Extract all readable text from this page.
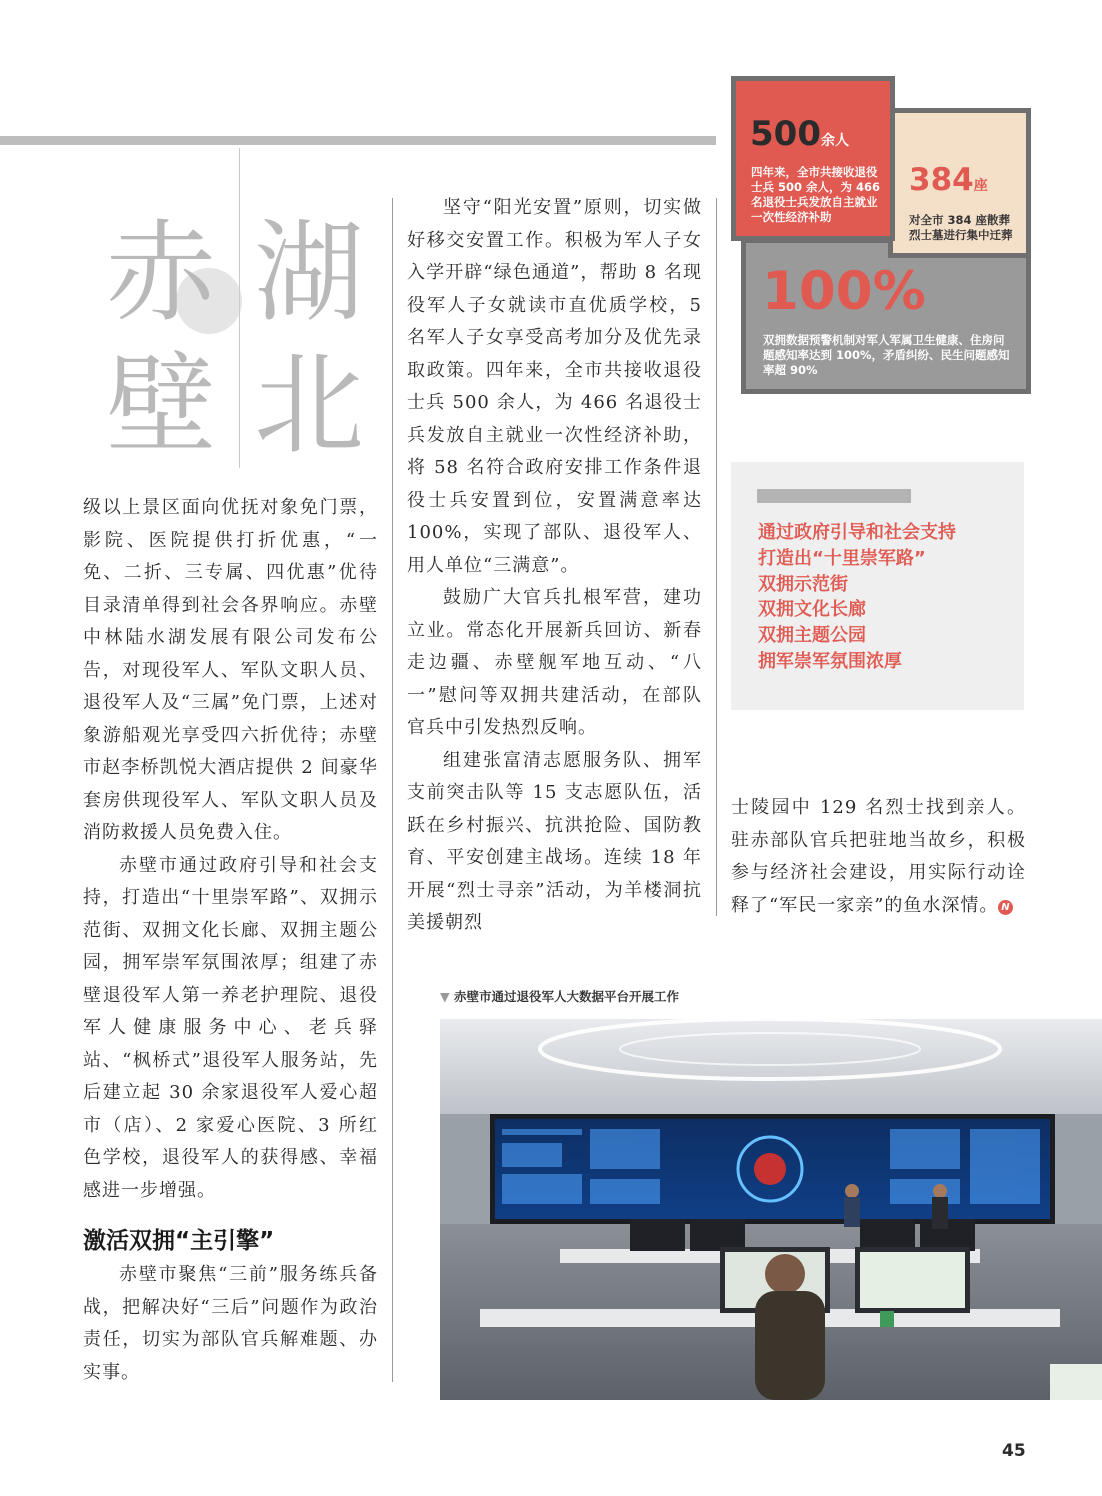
赤
壁
湖
北

级以上景区面向优抚对象免门票，影院、医院提供打折优惠，“一免、二折、三专属、四优惠”优待目录清单得到社会各界响应。赤壁中林陆水湖发展有限公司发布公告，对现役军人、军队文职人员、退役军人及“三属”免门票，上述对象游船观光享受四六折优待；赤壁市赵李桥凯悦大酒店提供 2 间豪华套房供现役军人、军队文职人员及消防救援人员免费入住。

赤壁市通过政府引导和社会支持，打造出“十里崇军路”、双拥示范街、双拥文化长廊、双拥主题公园，拥军崇军氛围浓厚；组建了赤壁退役军人第一养老护理院、退役军人健康服务中心、老兵驿站、“枫桥式”退役军人服务站，先后建立起 30 余家退役军人爱心超市（店）、2 家爱心医院、3 所红色学校，退役军人的获得感、幸福感进一步增强。

激活双拥“主引擎”

赤壁市聚焦“三前”服务练兵备战，把解决好“三后”问题作为政治责任，切实为部队官兵解难题、办实事。

坚守“阳光安置”原则，切实做好移交安置工作。积极为军人子女入学开辟“绿色通道”，帮助 8 名现役军人子女就读市直优质学校，5 名军人子女享受高考加分及优先录取政策。四年来，全市共接收退役士兵 500 余人，为 466 名退役士兵发放自主就业一次性经济补助，将 58 名符合政府安排工作条件退役士兵安置到位，安置满意率达 100%，实现了部队、退役军人、用人单位“三满意”。

鼓励广大官兵扎根军营，建功立业。常态化开展新兵回访、新春走边疆、赤壁舰军地互动、“八一”慰问等双拥共建活动，在部队官兵中引发热烈反响。

组建张富清志愿服务队、拥军支前突击队等 15 支志愿队伍，活跃在乡村振兴、抗洪抢险、国防教育、平安创建主战场。连续 18 年开展“烈士寻亲”活动，为羊楼洞抗美援朝烈

士陵园中 129 名烈士找到亲人。驻赤部队官兵把驻地当故乡，积极参与经济社会建设，用实际行动诠释了“军民一家亲”的鱼水深情。 N

100%
双拥数据预警机制对军人军属卫生健康、住房问题感知率达到 100%，矛盾纠纷、民生问题感知率超 90%
384座
对全市 384 座散葬烈士墓进行集中迁葬
500余人
四年来，全市共接收退役士兵 500 余人，为 466 名退役士兵发放自主就业一次性经济补助
通过政府引导和社会支持
打造出“十里崇军路”
双拥示范街
双拥文化长廊
双拥主题公园
拥军崇军氛围浓厚
▼ 赤壁市通过退役军人大数据平台开展工作
45
